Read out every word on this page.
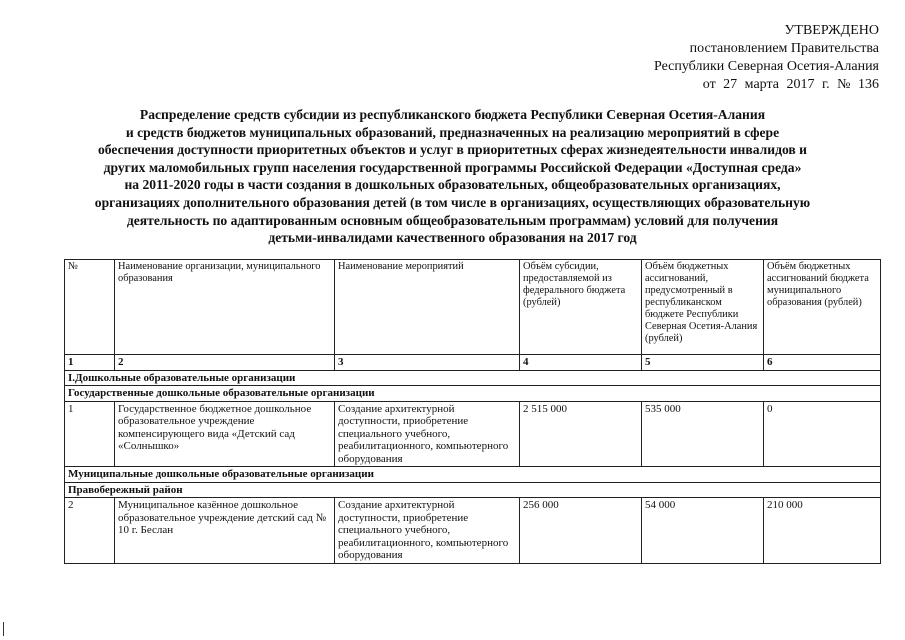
УТВЕРЖДЕНО
постановлением Правительства
Республики Северная Осетия-Алания
от 27 марта 2017 г. № 136
Распределение средств субсидии из республиканского бюджета Республики Северная Осетия-Алания
и средств бюджетов муниципальных образований, предназначенных на реализацию мероприятий в сфере
обеспечения доступности приоритетных объектов и услуг в приоритетных сферах жизнедеятельности инвалидов и
других маломобильных групп населения государственной программы Российской Федерации «Доступная среда»
на 2011-2020 годы в части создания в дошкольных образовательных, общеобразовательных организациях,
организациях дополнительного образования детей (в том числе в организациях, осуществляющих образовательную
деятельность по адаптированным основным общеобразовательным программам) условий для получения
детьми-инвалидами качественного образования на 2017 год
№	Наименование организации, муниципального образования	Наименование мероприятий	Объём субсидии, предоставляемой из федерального бюджета (рублей)	Объём бюджетных ассигнований, предусмотренный в республиканском бюджете Республики Северная Осетия-Алания (рублей)	Объём бюджетных ассигнований бюджета муниципального образования (рублей)
1	2	3	4	5	6
I.Дошкольные образовательные организации					
Государственные дошкольные образовательные организации					
1	Государственное бюджетное дошкольное образовательное учреждение компенсирующего вида «Детский сад «Солнышко»	Создание архитектурной доступности, приобретение специального учебного, реабилитационного, компьютерного оборудования	2 515 000	535 000	0
Муниципальные дошкольные образовательные организации					
Правобережный район					
2	Муниципальное казённое дошкольное образовательное учреждение детский сад № 10 г. Беслан	Создание архитектурной доступности, приобретение специального учебного, реабилитационного, компьютерного оборудования	256 000	54 000	210 000
